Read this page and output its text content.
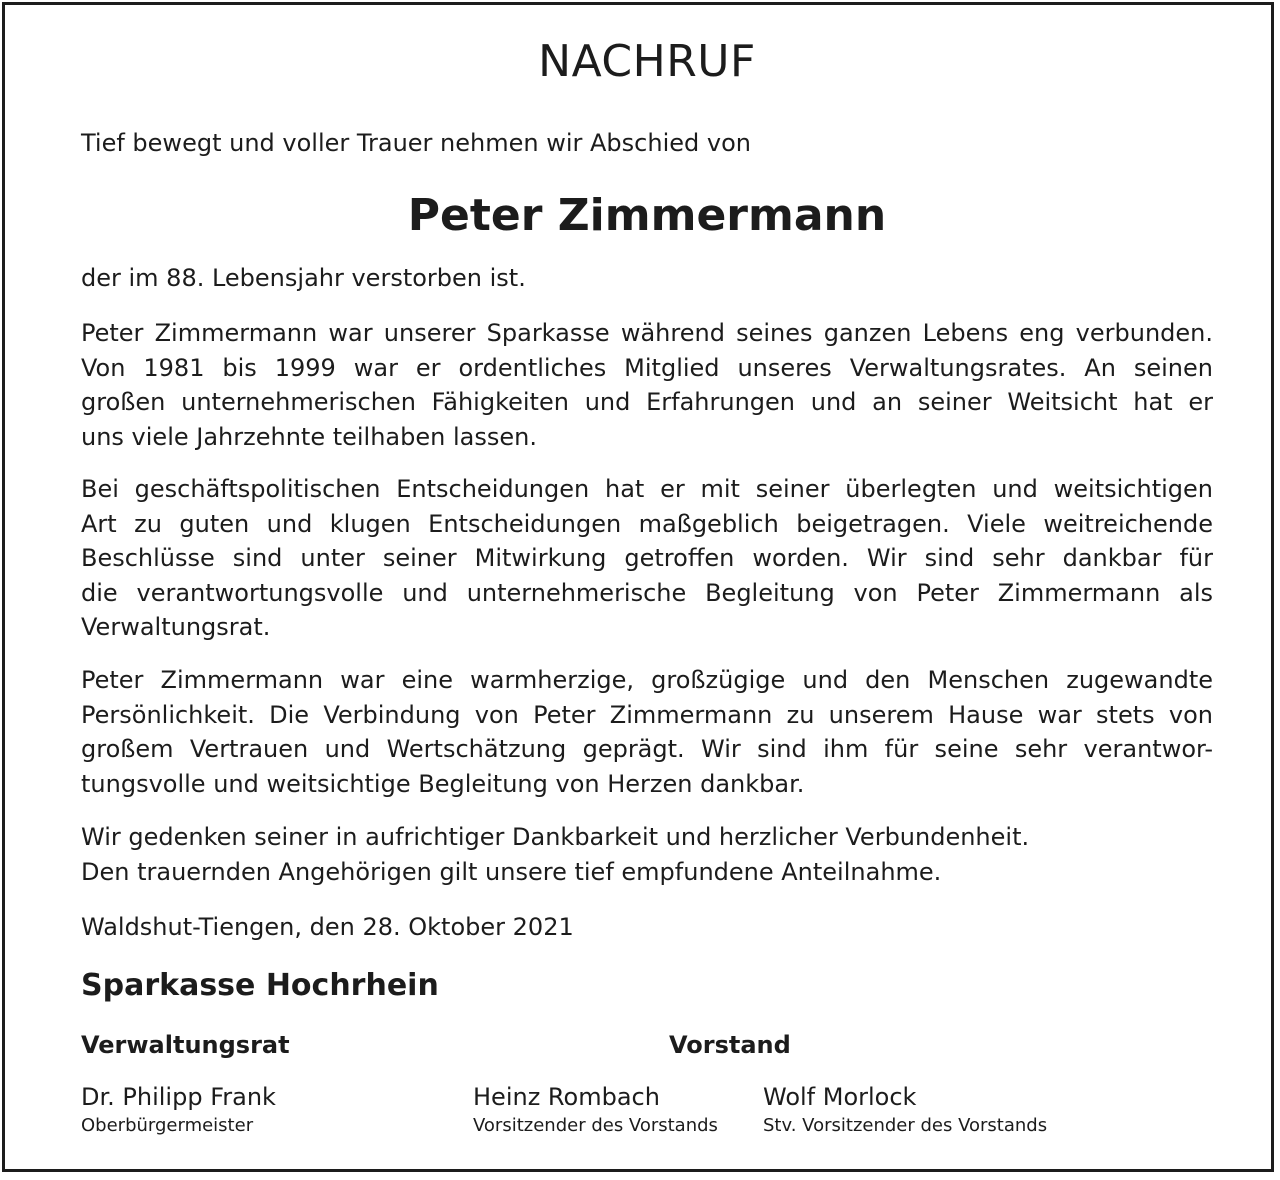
NACHRUF

Tief bewegt und voller Trauer nehmen wir Abschied von

Peter Zimmermann

der im 88. Lebensjahr verstorben ist.

Peter Zimmermann war unserer Sparkasse während seines ganzen Lebens eng verbunden.
Von 1981 bis 1999 war er ordentliches Mitglied unseres Verwaltungsrates. An seinen
großen unternehmerischen Fähigkeiten und Erfahrungen und an seiner Weitsicht hat er
uns viele Jahrzehnte teilhaben lassen.
Bei geschäftspolitischen Entscheidungen hat er mit seiner überlegten und weitsichtigen
Art zu guten und klugen Entscheidungen maßgeblich beigetragen. Viele weitreichende
Beschlüsse sind unter seiner Mitwirkung getroffen worden. Wir sind sehr dankbar für
die verantwortungsvolle und unternehmerische Begleitung von Peter Zimmermann als
Verwaltungsrat.
Peter Zimmermann war eine warmherzige, großzügige und den Menschen zugewandte
Persönlichkeit. Die Verbindung von Peter Zimmermann zu unserem Hause war stets von
großem Vertrauen und Wertschätzung geprägt. Wir sind ihm für seine sehr verantwor-
tungsvolle und weitsichtige Begleitung von Herzen dankbar.
Wir gedenken seiner in aufrichtiger Dankbarkeit und herzlicher Verbundenheit.
Den trauernden Angehörigen gilt unsere tief empfundene Anteilnahme.

Waldshut-Tiengen, den 28. Oktober 2021

Sparkasse Hochrhein

Verwaltungsrat	Vorstand

Dr. Philipp Frank
Oberbürgermeister
Heinz Rombach
Vorsitzender des Vorstands
Wolf Morlock
Stv. Vorsitzender des Vorstands
